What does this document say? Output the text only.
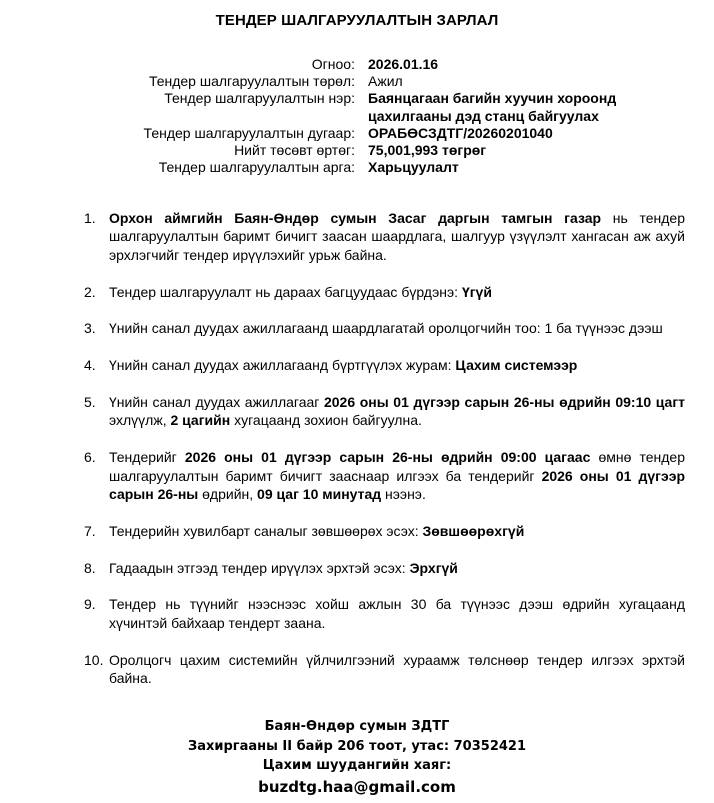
ТЕНДЕР ШАЛГАРУУЛАЛТЫН ЗАРЛАЛ
Огноо: 2026.01.16
Тендер шалгаруулалтын төрөл: Ажил
Тендер шалгаруулалтын нэр: Баянцагаан багийн хуучин хороонд цахилгааны дэд станц байгуулах
Тендер шалгаруулалтын дугаар: ОРАБӨСЗДТГ/20260201040
Нийт төсөвт өртөг: 75,001,993 төгрөг
Тендер шалгаруулалтын арга: Харьцуулалт
1. Орхон аймгийн Баян-Өндөр сумын Засаг даргын тамгын газар нь тендер шалгаруулалтын баримт бичигт заасан шаардлага, шалгуур үзүүлэлт хангасан аж ахуй эрхлэгчийг тендер ирүүлэхийг урьж байна.
2. Тендер шалгаруулалт нь дараах багцуудаас бүрдэнэ: Үгүй
3. Үнийн санал дуудах ажиллагаанд шаардлагатай оролцогчийн тоо: 1 ба түүнээс дээш
4. Үнийн санал дуудах ажиллагаанд бүртгүүлэх журам: Цахим системээр
5. Үнийн санал дуудах ажиллагааг 2026 оны 01 дүгээр сарын 26-ны өдрийн 09:10 цагт эхлүүлж, 2 цагийн хугацаанд зохион байгуулна.
6. Тендерийг 2026 оны 01 дүгээр сарын 26-ны өдрийн 09:00 цагаас өмнө тендер шалгаруулалтын баримт бичигт зааснаар илгээх ба тендерийг 2026 оны 01 дүгээр сарын 26-ны өдрийн, 09 цаг 10 минутад нээнэ.
7. Тендерийн хувилбарт саналыг зөвшөөрөх эсэх: Зөвшөөрөхгүй
8. Гадаадын этгээд тендер ирүүлэх эрхтэй эсэх: Эрхгүй
9. Тендер нь түүнийг нээснээс хойш ажлын 30 ба түүнээс дээш өдрийн хугацаанд хүчинтэй байхаар тендерт заана.
10. Оролцогч цахим системийн үйлчилгээний хураамж төлснөөр тендер илгээх эрхтэй байна.
Баян-Өндөр сумын ЗДТГ
Захиргааны II байр 206 тоот, утас: 70352421
Цахим шуудангийн хаяг:
buzdtg.haa@gmail.com
